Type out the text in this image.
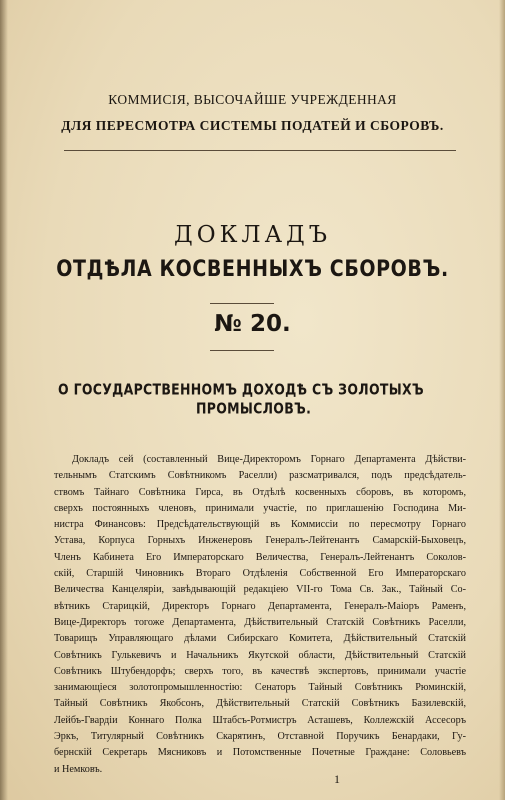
КОММИСІЯ, ВЫСОЧАЙШЕ УЧРЕЖДЕННАЯ
ДЛЯ ПЕРЕСМОТРА СИСТЕМЫ ПОДАТЕЙ И СБОРОВЪ.
ДОКЛАДЪ
ОТДѢЛА КОСВЕННЫХЪ СБОРОВЪ.
№ 20.
О ГОСУДАРСТВЕННОМЪ ДОХОДѢ СЪ ЗОЛОТЫХЪ
ПРОМЫСЛОВЪ.
Докладъ сей (составленный Вице-Директоромъ Горнаго Департамента Дѣйстви-
тельнымъ Статскимъ Совѣтникомъ Раселли) разсматривался, подъ предсѣдатель-
ствомъ Тайнаго Совѣтника Гирса, въ Отдѣлѣ косвенныхъ сборовъ, въ которомъ,
сверхъ постоянныхъ членовъ, принимали участіе, по приглашенію Господина Ми-
нистра Финансовъ: Предсѣдательствующій въ Коммиссіи по пересмотру Горнаго
Устава, Корпуса Горныхъ Инженеровъ Генералъ-Лейтенантъ Самарскій-Быховецъ,
Членъ Кабинета Его Императорскаго Величества, Генералъ-Лейтенантъ Соколов-
скій, Старшій Чиновникъ Втораго Отдѣленія Собственной Его Императорскаго
Величества Канцеляріи, завѣдывающій редакціею VII-го Тома Св. Зак., Тайный Со-
вѣтникъ Старицкій, Директоръ Горнаго Департамента, Генералъ-Маіоръ Раменъ,
Вице-Директоръ тогоже Департамента, Дѣйствительный Статскій Совѣтникъ Раселли,
Товарищъ Управляющаго дѣлами Сибирскаго Комитета, Дѣйствительный Статскій
Совѣтникъ Гулькевичъ и Начальникъ Якутской области, Дѣйствительный Статскій
Совѣтникъ Штубендорфъ; сверхъ того, въ качествѣ экспертовъ, принимали участіе
занимающіеся золотопромышленностію: Сенаторъ Тайный Совѣтникъ Рюминскій,
Тайный Совѣтникъ Якобсонъ, Дѣйствительный Статскій Совѣтникъ Базилевскій,
Лейбъ-Гвардіи Коннаго Полка Штабсъ-Ротмистръ Асташевъ, Коллежскій Ассесоръ
Эркъ, Титулярный Совѣтникъ Скарятинъ, Отставной Поручикъ Бенардаки, Гу-
бернскій Секретарь Мясниковъ и Потомственные Почетные Граждане: Соловьевъ
и Немковъ.
1
